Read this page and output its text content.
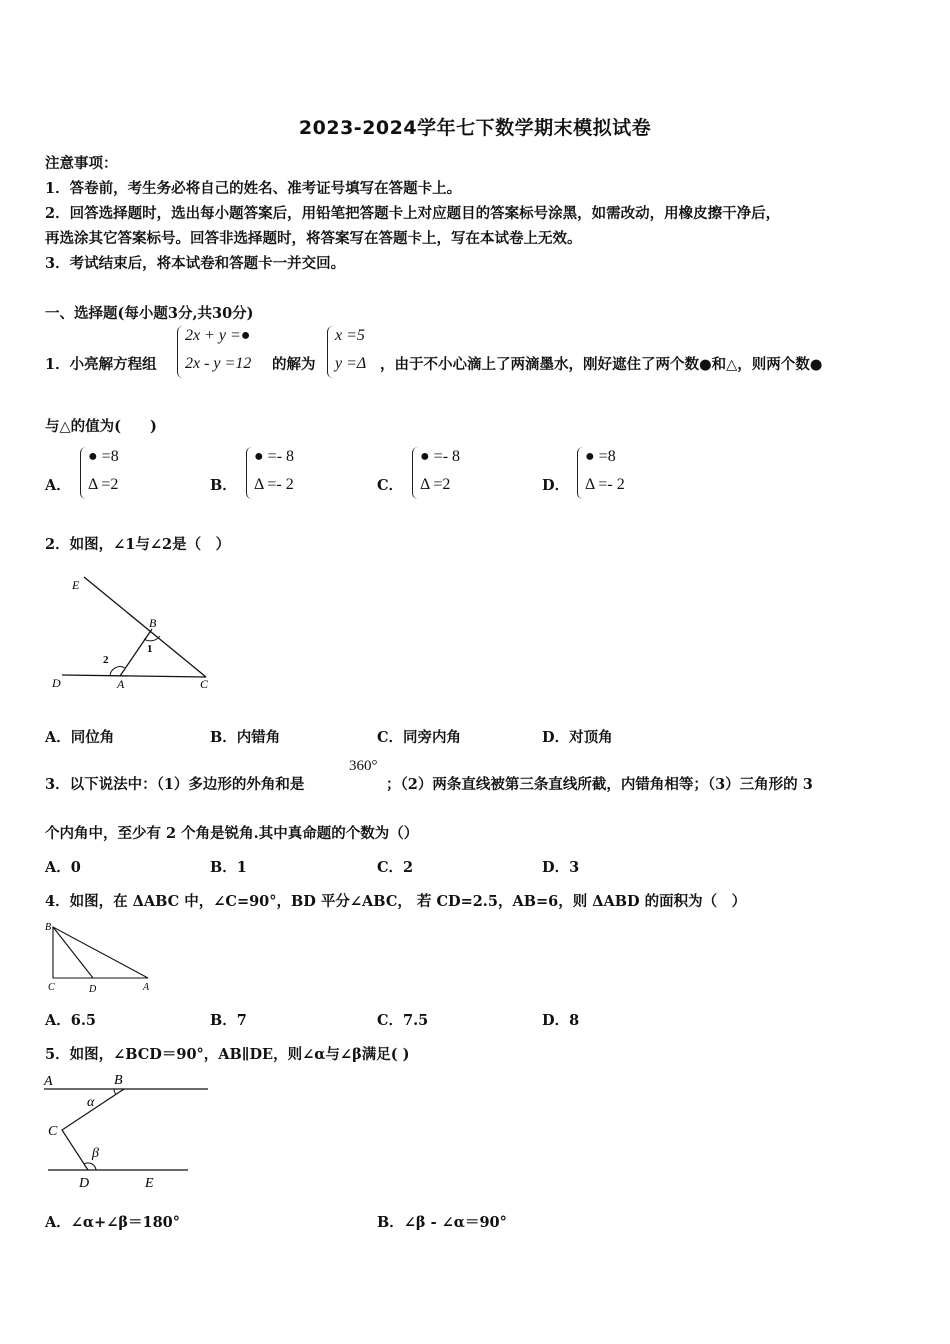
2023-2024学年七下数学期末模拟试卷
注意事项：
1．答卷前，考生务必将自己的姓名、准考证号填写在答题卡上。
2．回答选择题时，选出每小题答案后，用铅笔把答题卡上对应题目的答案标号涂黑，如需改动，用橡皮擦干净后，
再选涂其它答案标号。回答非选择题时，将答案写在答题卡上，写在本试卷上无效。
3．考试结束后，将本试卷和答题卡一并交回。
一、选择题(每小题3分,共30分)
1．小亮解方程组
2x + y =●
2x - y =12 的解为
x =5
y =Δ ，由于不小心滴上了两滴墨水，刚好遮住了两个数●和△，则两个数●
与△的值为(　　)
A．
● =8
Δ =2	B．
● =- 8
Δ =- 2	C．
● =- 8
Δ =2	D．
● =8
Δ =- 2
2．如图，∠1与∠2是（　）
E
B
1
2
D	A	C
A．同位角	B．内错角	C．同旁内角	D．对顶角
3．以下说法中：（1）多边形的外角和是
360°
；（2）两条直线被第三条直线所截，内错角相等；（3）三角形的 3
个内角中，至少有 2 个角是锐角.其中真命题的个数为（）
A．0	B．1	C．2	D．3
4．如图，在 ΔABC 中，∠C=90°，BD 平分∠ABC， 若 CD=2.5，AB=6，则 ΔABD 的面积为（　）
B
C	D	A
A．6.5	B．7	C．7.5	D．8
5．如图，∠BCD＝90°，AB∥DE，则∠α与∠β满足( )
A	B
α
C
β
D	E
A．∠α+∠β＝180°	B．∠β - ∠α＝90°
